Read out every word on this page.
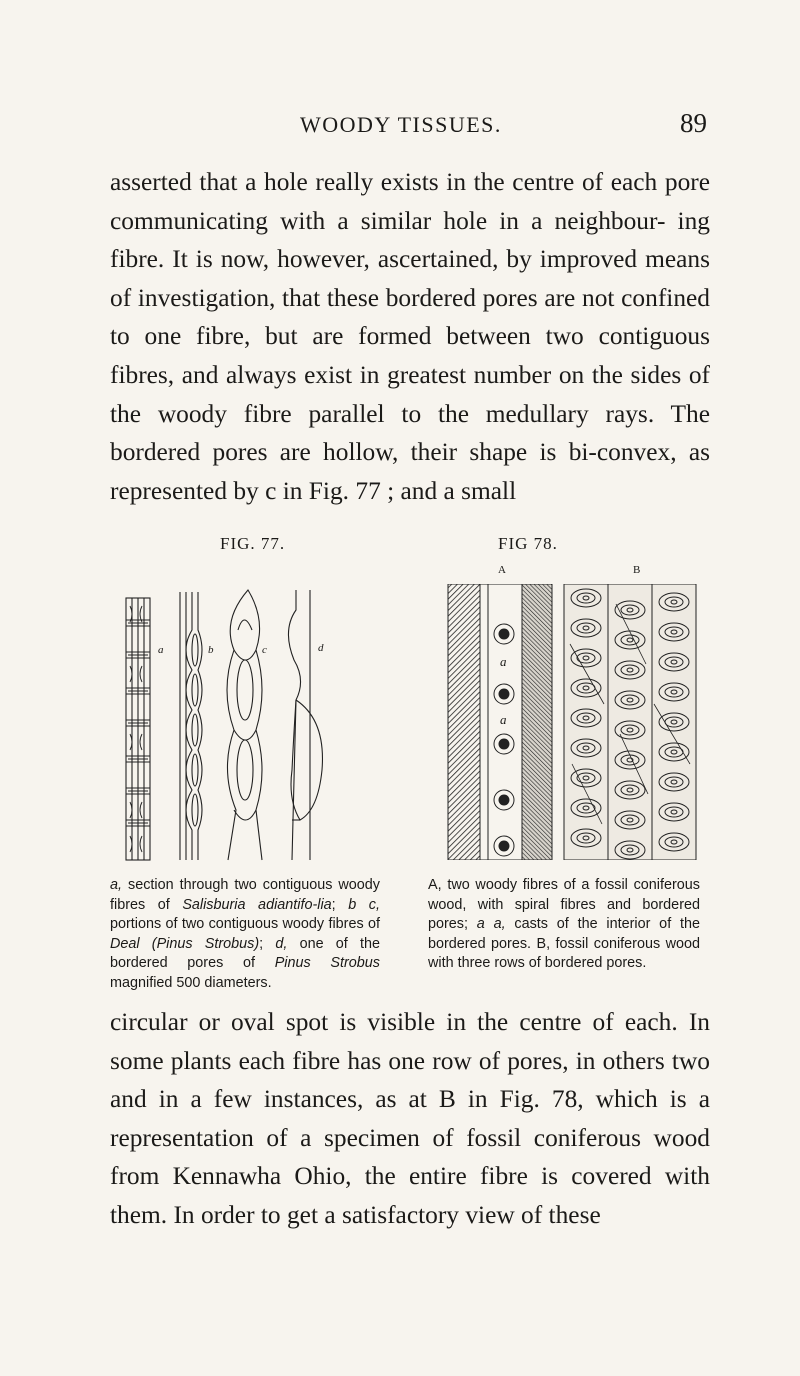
WOODY TISSUES.	89

asserted that a hole really exists in the centre of each pore communicating with a similar hole in a neighbour- ing fibre. It is now, however, ascertained, by improved means of investigation, that these bordered pores are not confined to one fibre, but are formed between two contiguous fibres, and always exist in greatest number on the sides of the woody fibre parallel to the medullary rays. The bordered pores are hollow, their shape is bi-convex, as represented by c in Fig. 77 ; and a small

FIG. 77.	FIG 78.
a	b	c	d
A	B
a
a

a, section through two contiguous woody fibres of Salisburia adiantifo-lia; b c, portions of two contiguous woody fibres of Deal (Pinus Strobus); d, one of the bordered pores of Pinus Strobus magnified 500 diameters.

A, two woody fibres of a fossil coniferous wood, with spiral fibres and bordered pores; a a, casts of the interior of the bordered pores. B, fossil coniferous wood with three rows of bordered pores.

circular or oval spot is visible in the centre of each. In some plants each fibre has one row of pores, in others two and in a few instances, as at B in Fig. 78, which is a representation of a specimen of fossil coniferous wood from Kennawha Ohio, the entire fibre is covered with them. In order to get a satisfactory view of these
